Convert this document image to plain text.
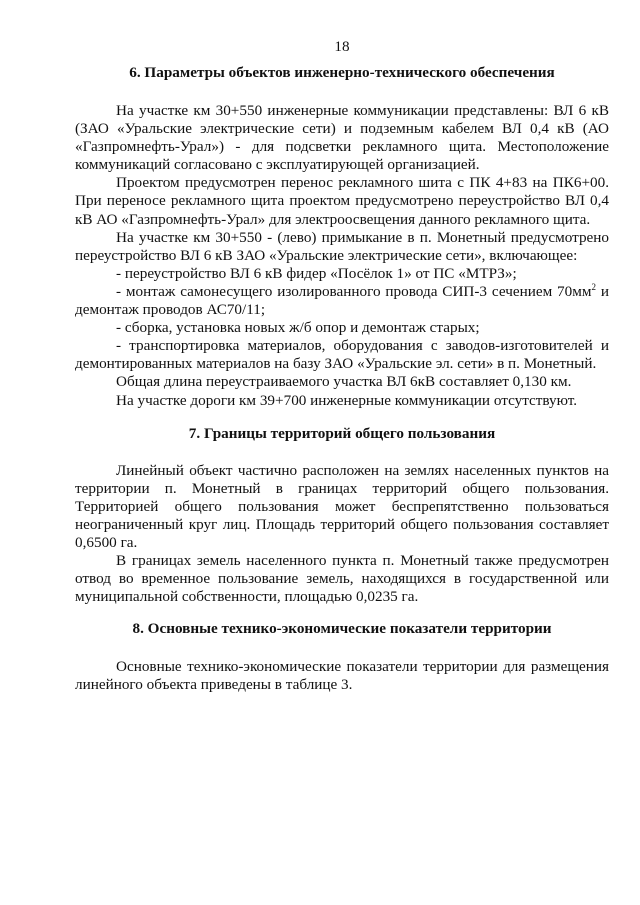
18
6. Параметры объектов инженерно-технического обеспечения

На участке км 30+550 инженерные коммуникации представлены: ВЛ 6 кВ (ЗАО «Уральские электрические сети) и подземным кабелем ВЛ 0,4 кВ (АО «Газпромнефть-Урал») - для подсветки рекламного щита. Местоположение коммуникаций согласовано с эксплуатирующей организацией.

Проектом предусмотрен перенос рекламного шита с ПК 4+83 на ПК6+00. При переносе рекламного щита проектом предусмотрено переустройство ВЛ 0,4 кВ АО «Газпромнефть-Урал» для электроосвещения данного рекламного щита.

На участке км 30+550 - (лево) примыкание в п. Монетный предусмотрено переустройство ВЛ 6 кВ ЗАО «Уральские электрические сети», включающее:

- переустройство ВЛ 6 кВ фидер «Посёлок 1» от ПС «МТРЗ»;

- монтаж самонесущего изолированного провода СИП-3 сечением $70мм^2$ и демонтаж проводов АС70/11;

- сборка, установка новых ж/б опор и демонтаж старых;

- транспортировка материалов, оборудования с заводов-изготовителей и демонтированных материалов на базу ЗАО «Уральские эл. сети» в п. Монетный.

Общая длина переустраиваемого участка ВЛ 6кВ составляет 0,130 км.

На участке дороги км 39+700 инженерные коммуникации отсутствуют.

7. Границы территорий общего пользования

Линейный объект частично расположен на землях населенных пунктов на территории п. Монетный в границах территорий общего пользования. Территорией общего пользования может беспрепятственно пользоваться неограниченный круг лиц. Площадь территорий общего пользования составляет 0,6500 га.

В границах земель населенного пункта п. Монетный также предусмотрен отвод во временное пользование земель, находящихся в государственной или муниципальной собственности, площадью 0,0235 га.

8. Основные технико-экономические показатели территории

Основные технико-экономические показатели территории для размещения линейного объекта приведены в таблице 3.
